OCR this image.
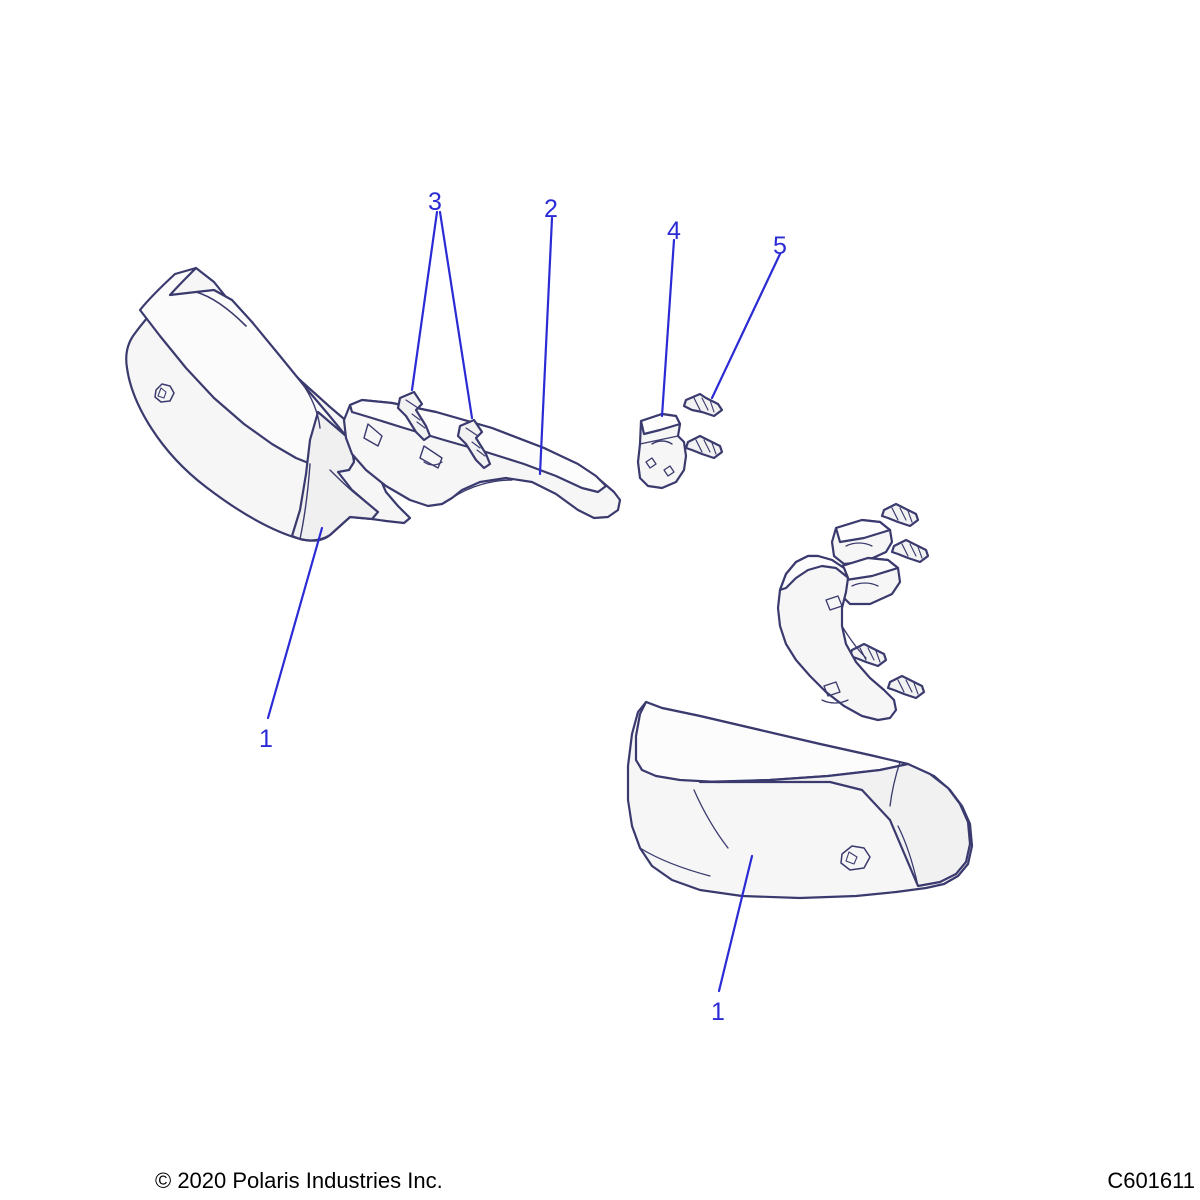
3	2
4
5
1
1
© 2020 Polaris Industries Inc.	C601611
